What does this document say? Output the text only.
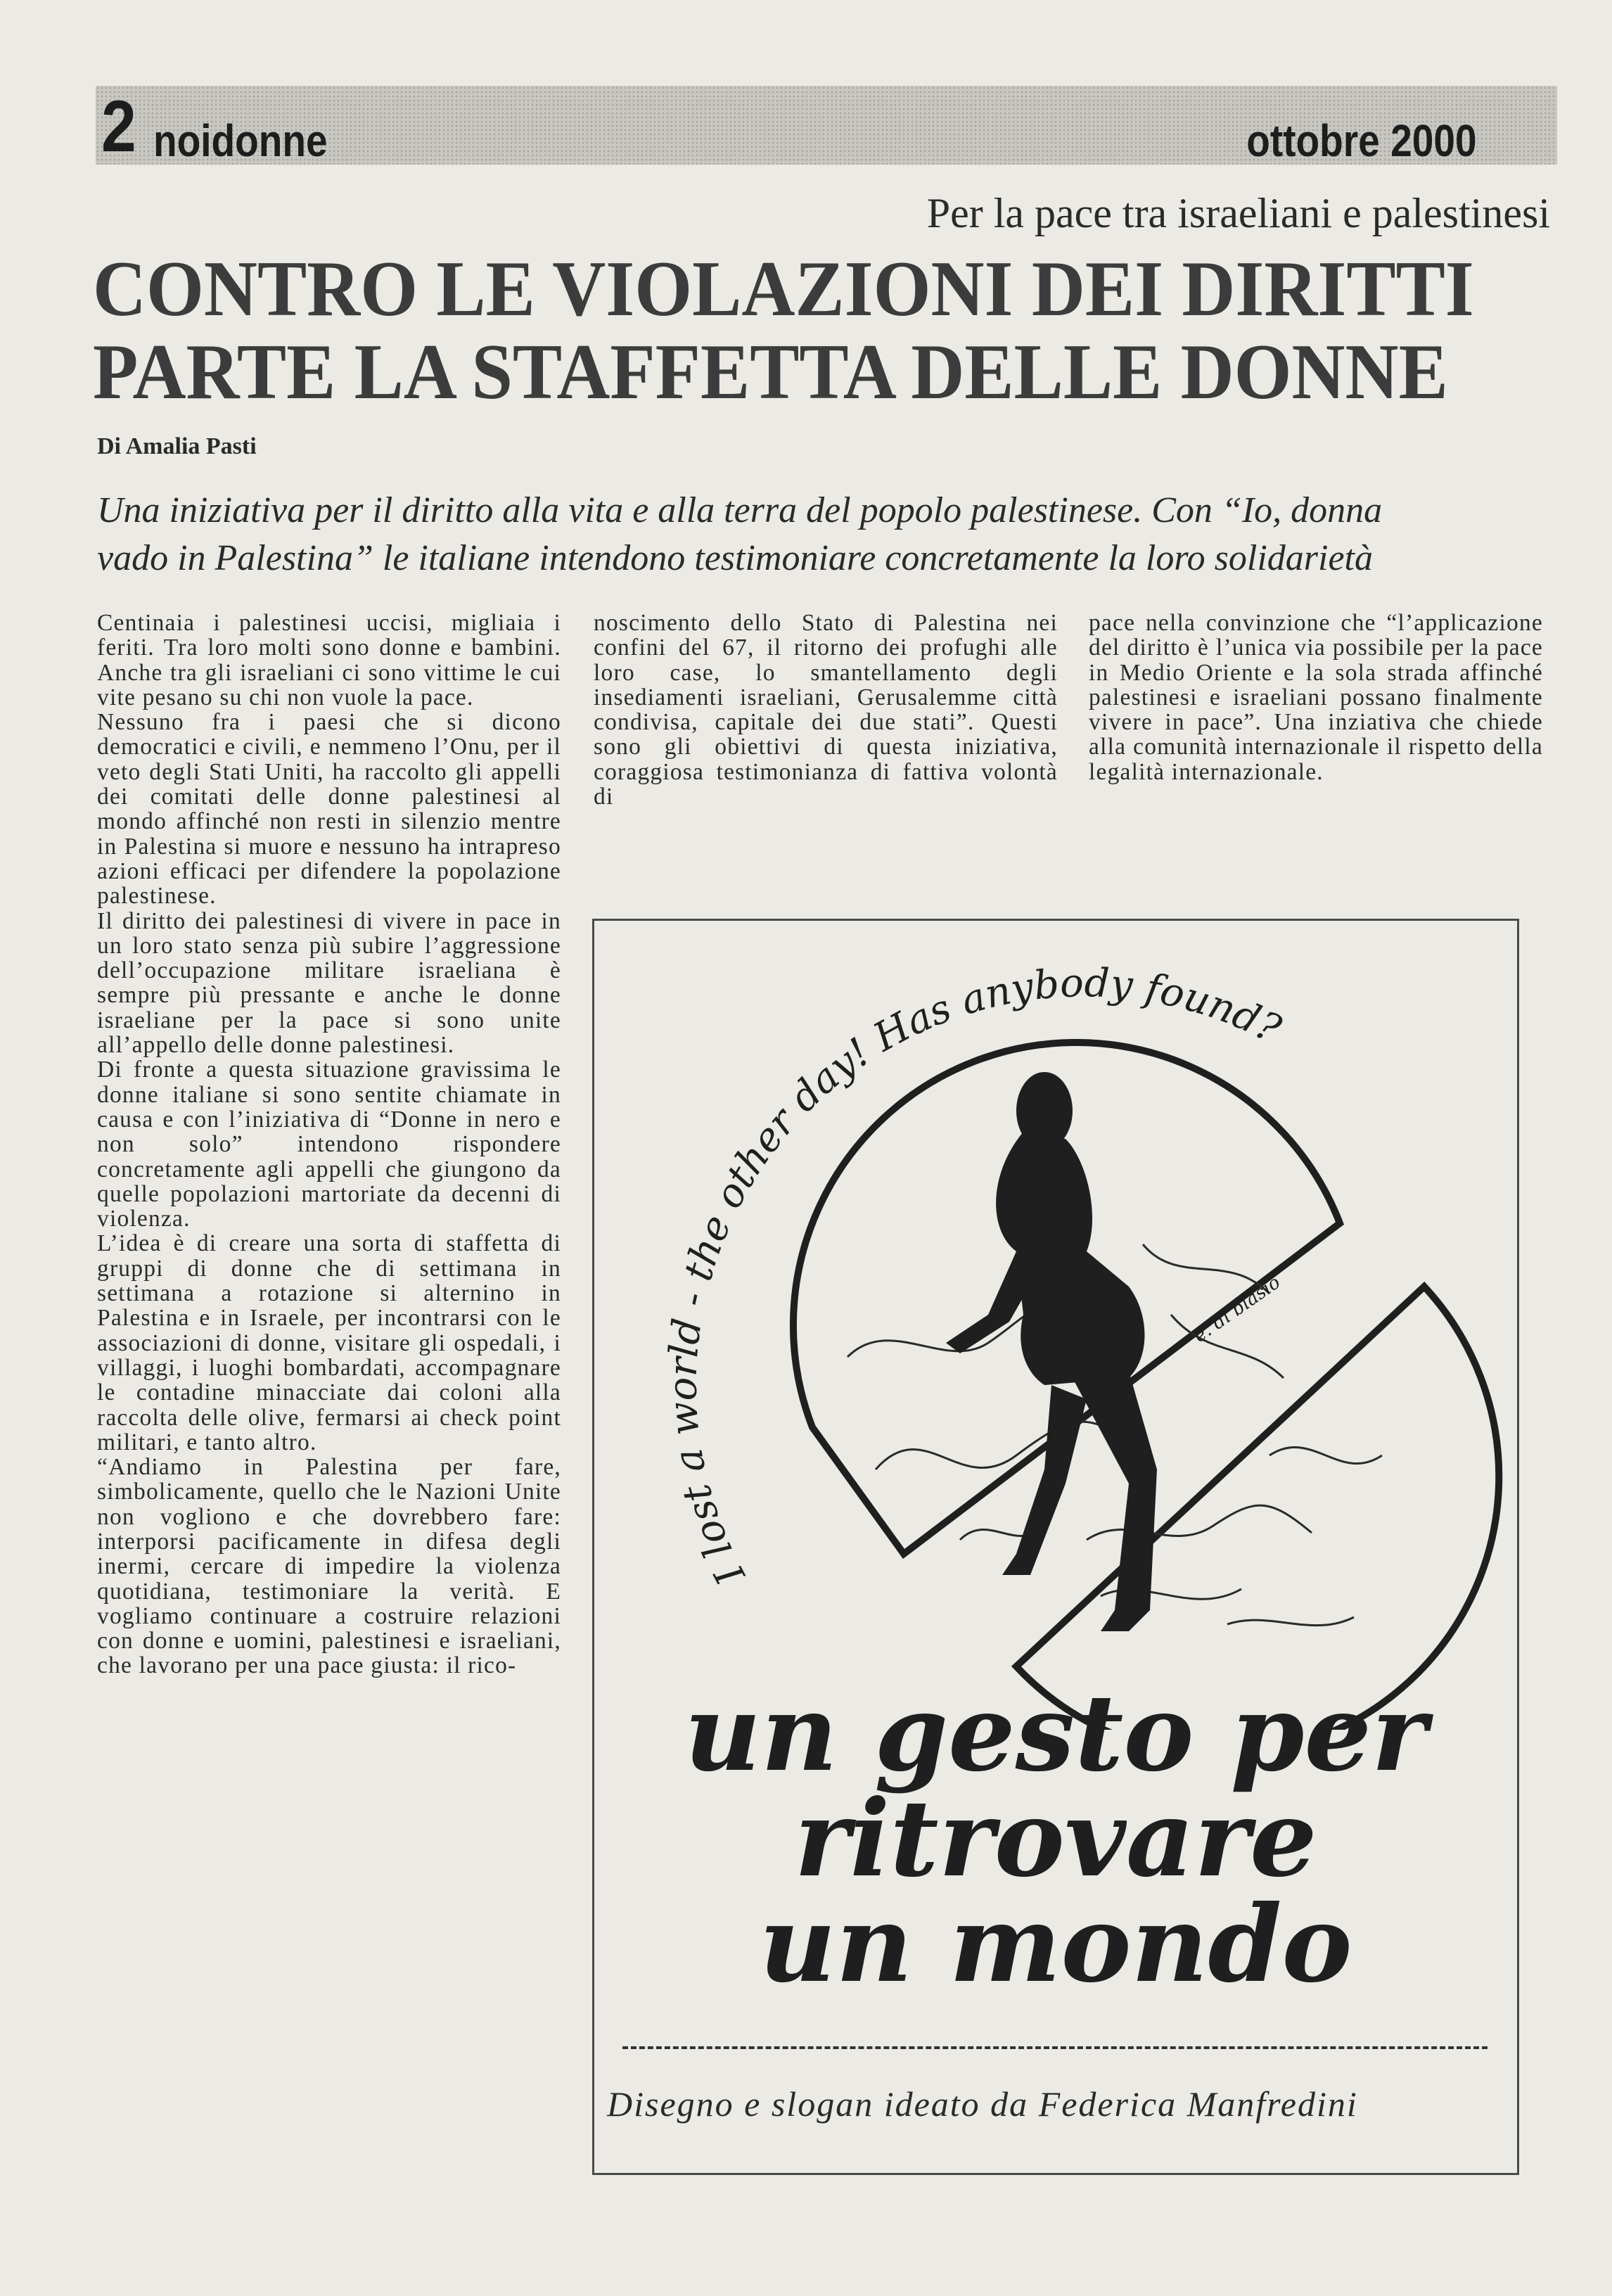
2 noidonne	ottobre 2000
Per la pace tra israeliani e palestinesi
CONTRO LE VIOLAZIONI DEI DIRITTI
PARTE LA STAFFETTA DELLE DONNE
Di Amalia Pasti

Una iniziativa per il diritto alla vita e alla terra del popolo palestinese. Con “Io, donna
vado in Palestina” le italiane intendono testimoniare concretamente la loro solidarietà

Centinaia i palestinesi uccisi, migliaia i feriti. Tra loro molti sono donne e bambini. Anche tra gli israeliani ci sono vittime le cui vite pesano su chi non vuole la pace.

Nessuno fra i paesi che si dicono democratici e civili, e nemmeno l’Onu, per il veto degli Stati Uniti, ha raccolto gli appelli dei comitati delle donne palestinesi al mondo affinché non resti in silenzio mentre in Palestina si muore e nessuno ha intrapreso azioni efficaci per difendere la popolazione palestinese.

Il diritto dei palestinesi di vivere in pace in un loro stato senza più subire l’aggressione dell’occupazione militare israeliana è sempre più pressante e anche le donne israeliane per la pace si sono unite all’appello delle donne palestinesi.

Di fronte a questa situazione gravissima le donne italiane si sono sentite chiamate in causa e con l’iniziativa di “Donne in nero e non solo” intendono rispondere concretamente agli appelli che giungono da quelle popolazioni martoriate da decenni di violenza.

L’idea è di creare una sorta di staffetta di gruppi di donne che di settimana in settimana a rotazione si alternino in Palestina e in Israele, per incontrarsi con le associazioni di donne, visitare gli ospedali, i villaggi, i luoghi bombardati, accompagnare le contadine minacciate dai coloni alla raccolta delle olive, fermarsi ai check point militari, e tanto altro.

“Andiamo in Palestina per fare, simbolicamente, quello che le Nazioni Unite non vogliono e che dovrebbero fare: interporsi pacificamente in difesa degli inermi, cercare di impedire la violenza quotidiana, testimoniare la verità. E vogliamo continuare a costruire relazioni con donne e uomini, palestinesi e israeliani, che lavorano per una pace giusta: il rico-

noscimento dello Stato di Palestina nei confini del 67, il ritorno dei profughi alle loro case, lo smantellamento degli insediamenti israeliani, Gerusalemme città condivisa, capitale dei due stati”. Questi sono gli obiettivi di questa iniziativa, coraggiosa testimonianza di fattiva volontà di

pace nella convinzione che “l’applicazione del diritto è l’unica via possibile per la pace in Medio Oriente e la sola strada affinché palestinesi e israeliani possano finalmente vivere in pace”. Una inziativa che chiede alla comunità internazionale il rispetto della legalità internazionale.

I lost a world - the other day! Has anybody found?
e. di blasio

un gesto per
ritrovare
un mondo

Disegno e slogan ideato da Federica Manfredini
